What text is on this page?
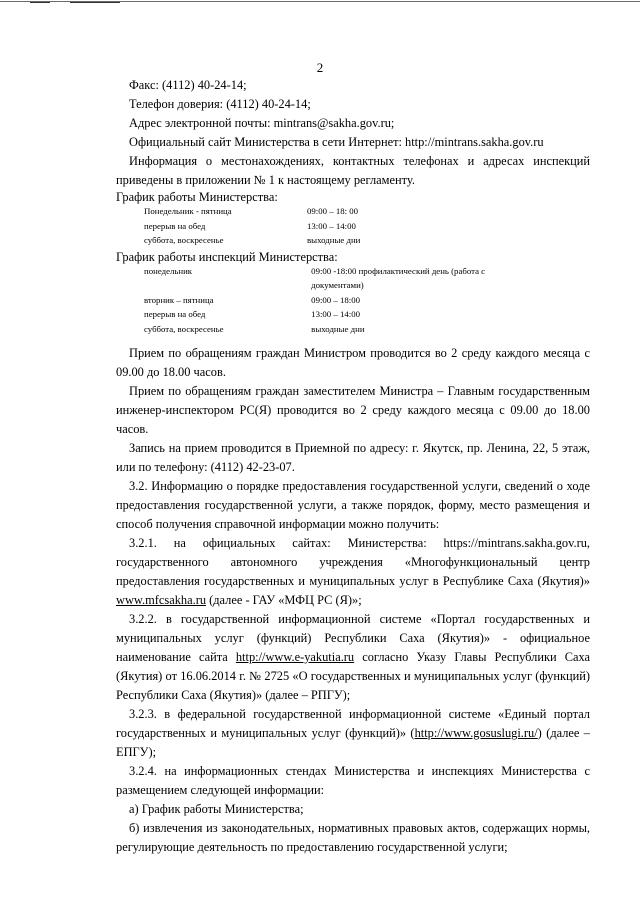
2

Факс: (4112) 40-24-14;

Телефон доверия: (4112) 40-24-14;

Адрес электронной почты: mintrans@sakha.gov.ru;

Официальный сайт Министерства в сети Интернет: http://mintrans.sakha.gov.ru

Информация о местонахождениях, контактных телефонах и адресах инспекций приведены в приложении № 1 к настоящему регламенту.

График работы Министерства:

Понедельник - пятница	09:00 – 18: 00
перерыв на обед	13:00 – 14:00
суббота, воскресенье	выходные дни

График работы инспекций Министерства:

понедельник	09:00 -18:00 профилактический день (работа с документами)
вторник – пятница	09:00 – 18:00
перерыв на обед	13:00 – 14:00
суббота, воскресенье	выходные дни

Прием по обращениям граждан Министром проводится во 2 среду каждого месяца с 09.00 до 18.00 часов.

Прием по обращениям граждан заместителем Министра – Главным государственным инженер-инспектором РС(Я) проводится во 2 среду каждого месяца с 09.00 до 18.00 часов.

Запись на прием проводится в Приемной по адресу: г. Якутск, пр. Ленина, 22, 5 этаж, или по телефону: (4112) 42-23-07.

3.2. Информацию о порядке предоставления государственной услуги, сведений о ходе предоставления государственной услуги, а также порядок, форму, место размещения и способ получения справочной информации можно получить:

3.2.1. на официальных сайтах: Министерства: https://mintrans.sakha.gov.ru, государственного автономного учреждения «Многофункциональный центр предоставления государственных и муниципальных услуг в Республике Саха (Якутия)» www.mfcsakha.ru (далее - ГАУ «МФЦ РС (Я)»;

3.2.2. в государственной информационной системе «Портал государственных и муниципальных услуг (функций) Республики Саха (Якутия)» - официальное наименование сайта http://www.e-yakutia.ru согласно Указу Главы Республики Саха (Якутия) от 16.06.2014 г. № 2725 «О государственных и муниципальных услуг (функций) Республики Саха (Якутия)» (далее – РПГУ);

3.2.3. в федеральной государственной информационной системе «Единый портал государственных и муниципальных услуг (функций)» (http://www.gosuslugi.ru/) (далее – ЕПГУ);

3.2.4. на информационных стендах Министерства и инспекциях Министерства с размещением следующей информации:

а) График работы Министерства;

б) извлечения из законодательных, нормативных правовых актов, содержащих нормы, регулирующие деятельность по предоставлению государственной услуги;
